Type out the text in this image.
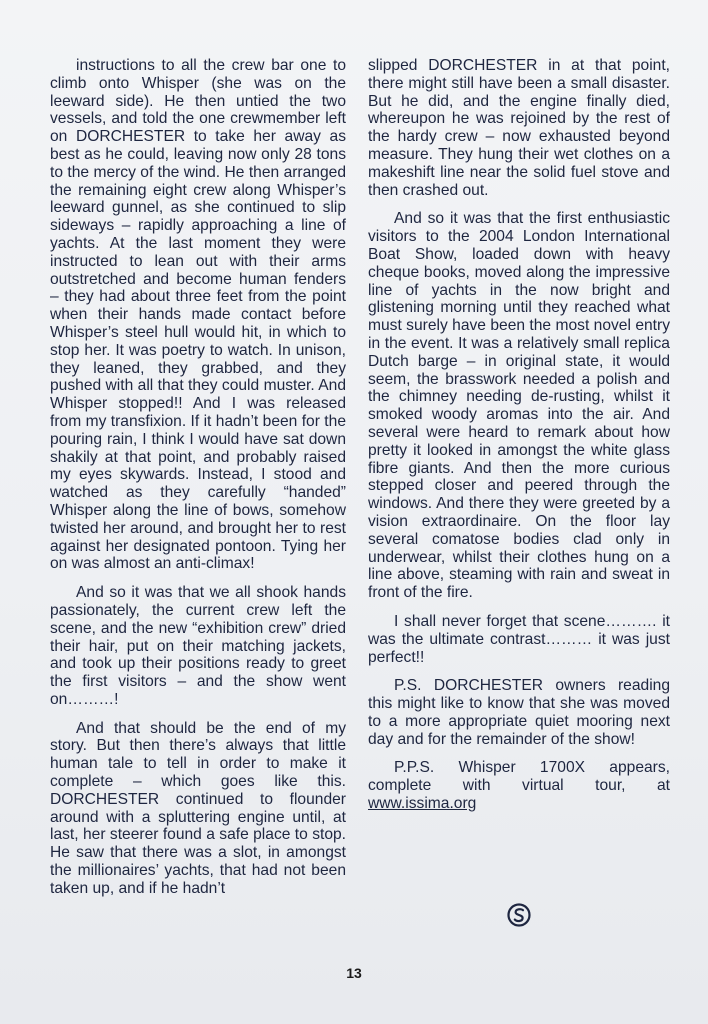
instructions to all the crew bar one to climb onto Whisper (she was on the leeward side). He then untied the two vessels, and told the one crewmember left on DORCHESTER to take her away as best as he could, leaving now only 28 tons to the mercy of the wind. He then arranged the remaining eight crew along Whisper’s leeward gunnel, as she continued to slip sideways – rapidly approaching a line of yachts. At the last moment they were instructed to lean out with their arms outstretched and become human fenders – they had about three feet from the point when their hands made contact before Whisper’s steel hull would hit, in which to stop her. It was poetry to watch. In unison, they leaned, they grabbed, and they pushed with all that they could muster. And Whisper stopped!! And I was released from my transfixion. If it hadn’t been for the pouring rain, I think I would have sat down shakily at that point, and probably raised my eyes skywards. Instead, I stood and watched as they carefully “handed” Whisper along the line of bows, somehow twisted her around, and brought her to rest against her designated pontoon. Tying her on was almost an anti-climax!

And so it was that we all shook hands passionately, the current crew left the scene, and the new “exhibition crew” dried their hair, put on their matching jackets, and took up their positions ready to greet the first visitors – and the show went on………!

And that should be the end of my story. But then there’s always that little human tale to tell in order to make it complete – which goes like this. DORCHESTER continued to flounder around with a spluttering engine until, at last, her steerer found a safe place to stop. He saw that there was a slot, in amongst the millionaires’ yachts, that had not been taken up, and if he hadn’t

slipped DORCHESTER in at that point, there might still have been a small disaster. But he did, and the engine finally died, whereupon he was rejoined by the rest of the hardy crew – now exhausted beyond measure. They hung their wet clothes on a makeshift line near the solid fuel stove and then crashed out.

And so it was that the first enthusiastic visitors to the 2004 London International Boat Show, loaded down with heavy cheque books, moved along the impressive line of yachts in the now bright and glistening morning until they reached what must surely have been the most novel entry in the event. It was a relatively small replica Dutch barge – in original state, it would seem, the brasswork needed a polish and the chimney needing de-rusting, whilst it smoked woody aromas into the air. And several were heard to remark about how pretty it looked in amongst the white glass fibre giants. And then the more curious stepped closer and peered through the windows. And there they were greeted by a vision extraordinaire. On the floor lay several comatose bodies clad only in underwear, whilst their clothes hung on a line above, steaming with rain and sweat in front of the fire.

I shall never forget that scene………. it was the ultimate contrast……… it was just perfect!!

P.S. DORCHESTER owners reading this might like to know that she was moved to a more appropriate quiet mooring next day and for the remainder of the show!

P.P.S. Whisper 1700X appears, complete with virtual tour, at www.issima.org

13
